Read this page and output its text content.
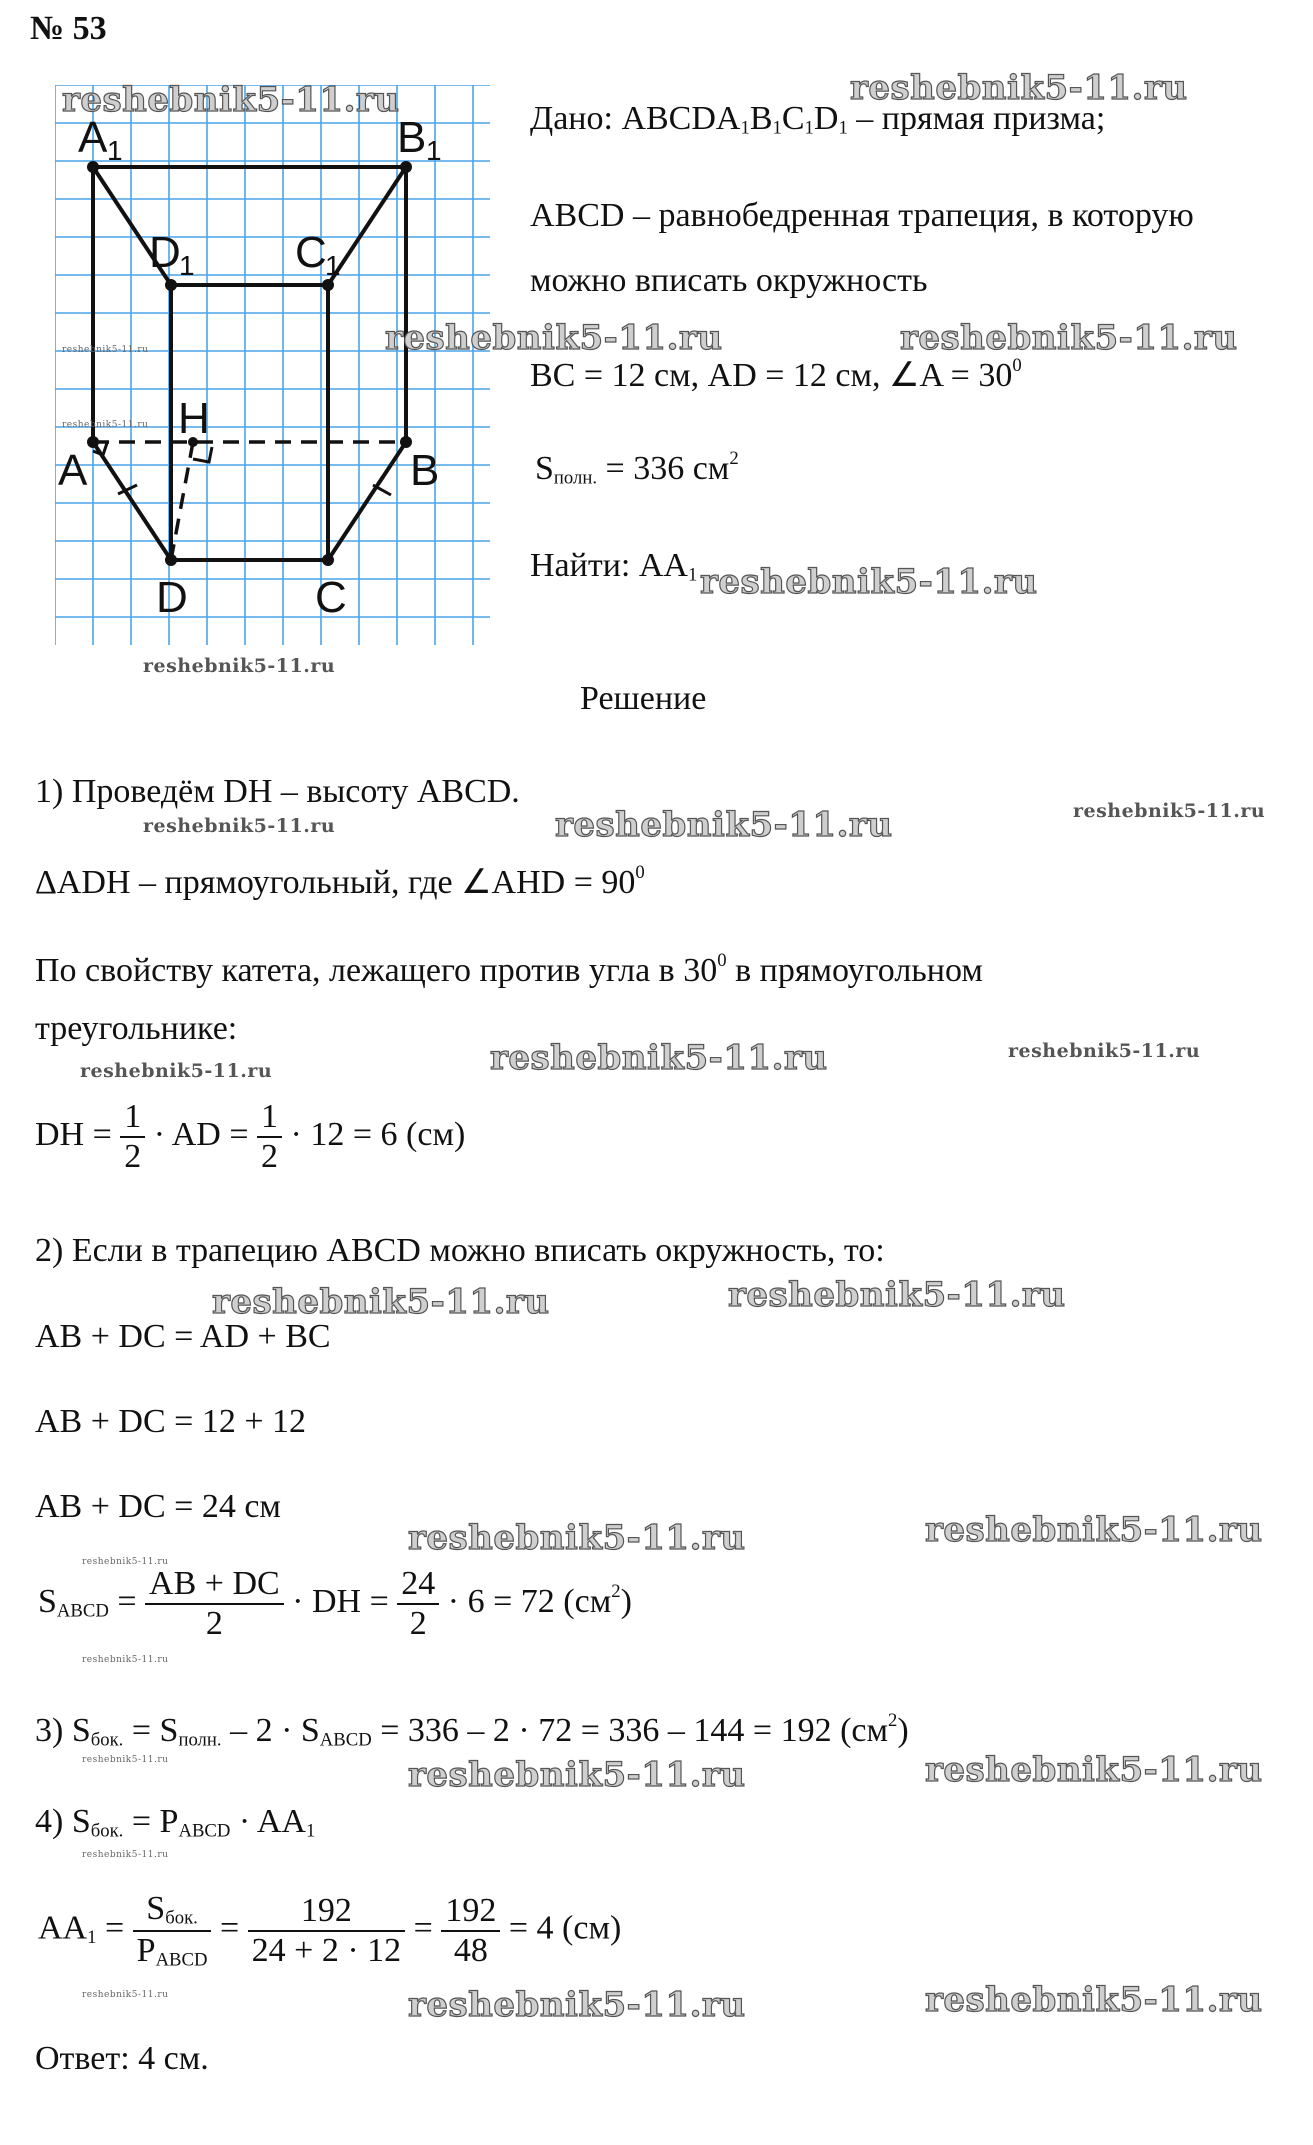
№ 53
A 1	B 1
D
1 C
1
A
H
B
D	C
Дано: $ABCDA_1B_1C_1D_1$ – прямая призма;
ABCD – равнобедренная трапеция, в которую
можно вписать окружность
BC = 12 см, AD = 12 см, ∠A = $30^0$
$S_{полн.} = 336$ $см^2$
Найти: $AA_1$
Решение
1) Проведём DH – высоту ABCD.
ΔADH – прямоугольный, где ∠AHD = $90^0$
По свойству катета, лежащего против угла в $30^0$ в прямоугольном
треугольнике:
DH = $\frac{1}{2}$ · AD = $\frac{1}{2} \cdot 12 = 6$ (см)
2) Если в трапецию ABCD можно вписать окружность, то:
AB + DC = AD + BC
AB + DC = 12 + 12
AB + DC = 24 см
$S_{ABCD} = \frac{AB + DC}{2}$ · DH = $\frac{24}{2} \cdot 6 = 72$ $(см^2)$
3) $S_{бок.} = S_{полн.} - 2 \cdot S_{ABCD} = 336 - 2 \cdot 72 = 336 - 144 = 192$ $(см^2)$
4) $S_{бок.} = P_{ABCD} \cdot AA_1$
$AA_1 = \frac{S_{бок.}}{P_{ABCD}} = \frac{192}{24 + 2 \cdot 12} = \frac{192}{48} = 4$ (см)
Ответ: 4 см.
reshebnik5-11.ru	reshebnik5-11.ru
reshebnik5-11.ru	reshebnik5-11.ru
reshebnik5-11.ru
reshebnik5-11.ru
reshebnik5-11.ru
reshebnik5-11.ru
reshebnik5-11.ru	reshebnik5-11.ru	reshebnik5-11.ru
reshebnik5-11.ru	reshebnik5-11.ru	reshebnik5-11.ru
reshebnik5-11.ru	reshebnik5-11.ru
reshebnik5-11.ru	reshebnik5-11.ru
reshebnik5-11.ru
reshebnik5-11.ru
reshebnik5-11.ru	reshebnik5-11.ru	reshebnik5-11.ru
reshebnik5-11.ru
reshebnik5-11.ru	reshebnik5-11.ru	reshebnik5-11.ru
